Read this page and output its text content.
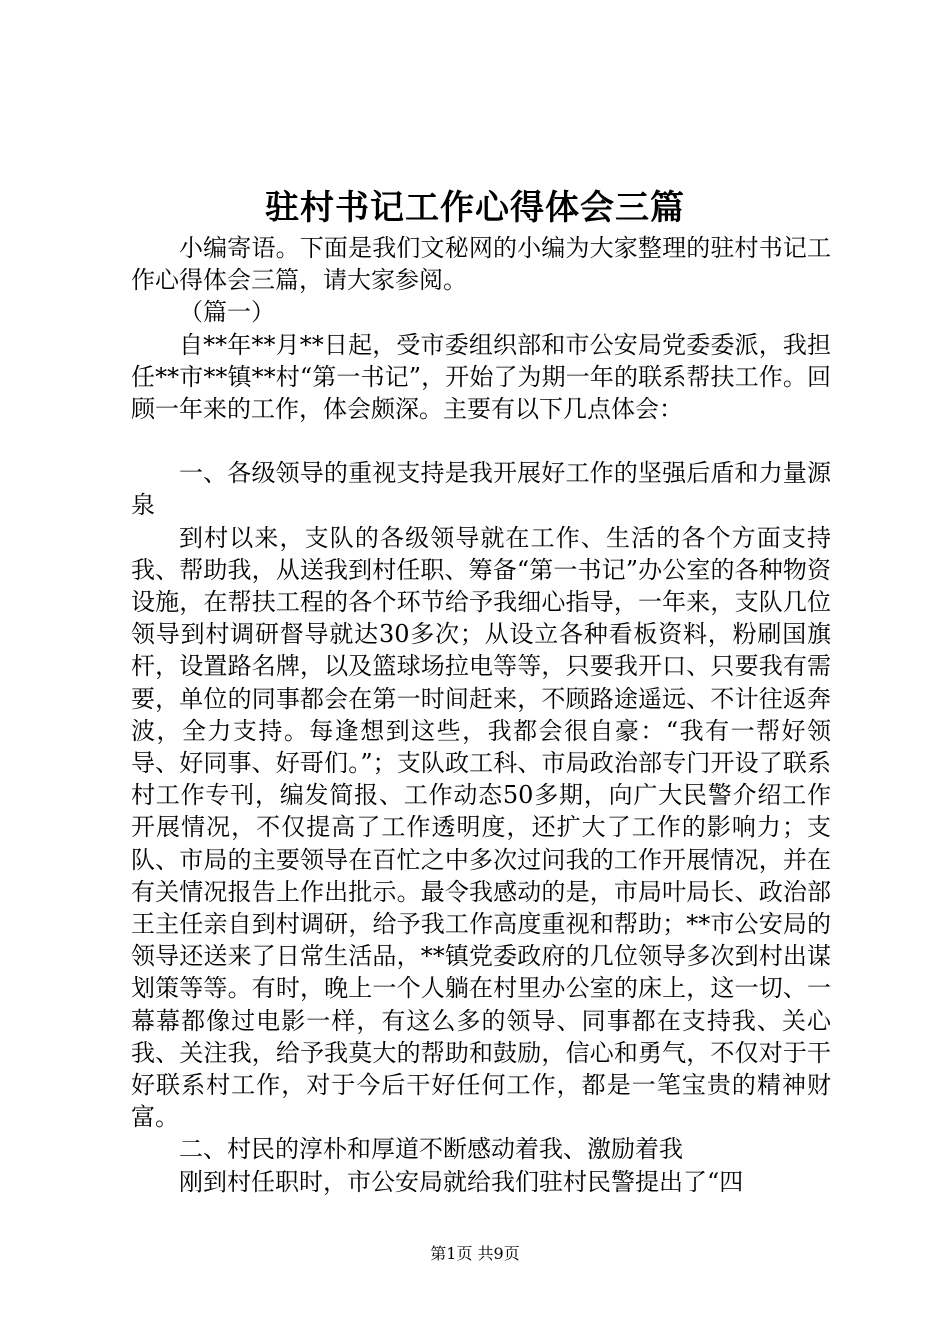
驻村书记工作心得体会三篇

小编寄语。下面是我们文秘网的小编为大家整理的驻村书记工作心得体会三篇，请大家参阅。

（篇一）

自**年**月**日起，受市委组织部和市公安局党委委派，我担任**市**镇**村“第一书记”，开始了为期一年的联系帮扶工作。回顾一年来的工作，体会颇深。主要有以下几点体会：

一、各级领导的重视支持是我开展好工作的坚强后盾和力量源泉

到村以来，支队的各级领导就在工作、生活的各个方面支持我、帮助我，从送我到村任职、筹备“第一书记”办公室的各种物资设施，在帮扶工程的各个环节给予我细心指导，一年来，支队几位领导到村调研督导就达30多次；从设立各种看板资料，粉刷国旗杆，设置路名牌，以及篮球场拉电等等，只要我开口、只要我有需要，单位的同事都会在第一时间赶来，不顾路途遥远、不计往返奔波，全力支持。每逢想到这些，我都会很自豪：“我有一帮好领导、好同事、好哥们。”；支队政工科、市局政治部专门开设了联系村工作专刊，编发简报、工作动态50多期，向广大民警介绍工作开展情况，不仅提高了工作透明度，还扩大了工作的影响力；支队、市局的主要领导在百忙之中多次过问我的工作开展情况，并在有关情况报告上作出批示。最令我感动的是，市局叶局长、政治部王主任亲自到村调研，给予我工作高度重视和帮助；**市公安局的领导还送来了日常生活品，**镇党委政府的几位领导多次到村出谋划策等等。有时，晚上一个人躺在村里办公室的床上，这一切、一幕幕都像过电影一样，有这么多的领导、同事都在支持我、关心我、关注我，给予我莫大的帮助和鼓励，信心和勇气，不仅对于干好联系村工作，对于今后干好任何工作，都是一笔宝贵的精神财富。

二、村民的淳朴和厚道不断感动着我、激励着我

刚到村任职时，市公安局就给我们驻村民警提出了“四

第1页 共9页
